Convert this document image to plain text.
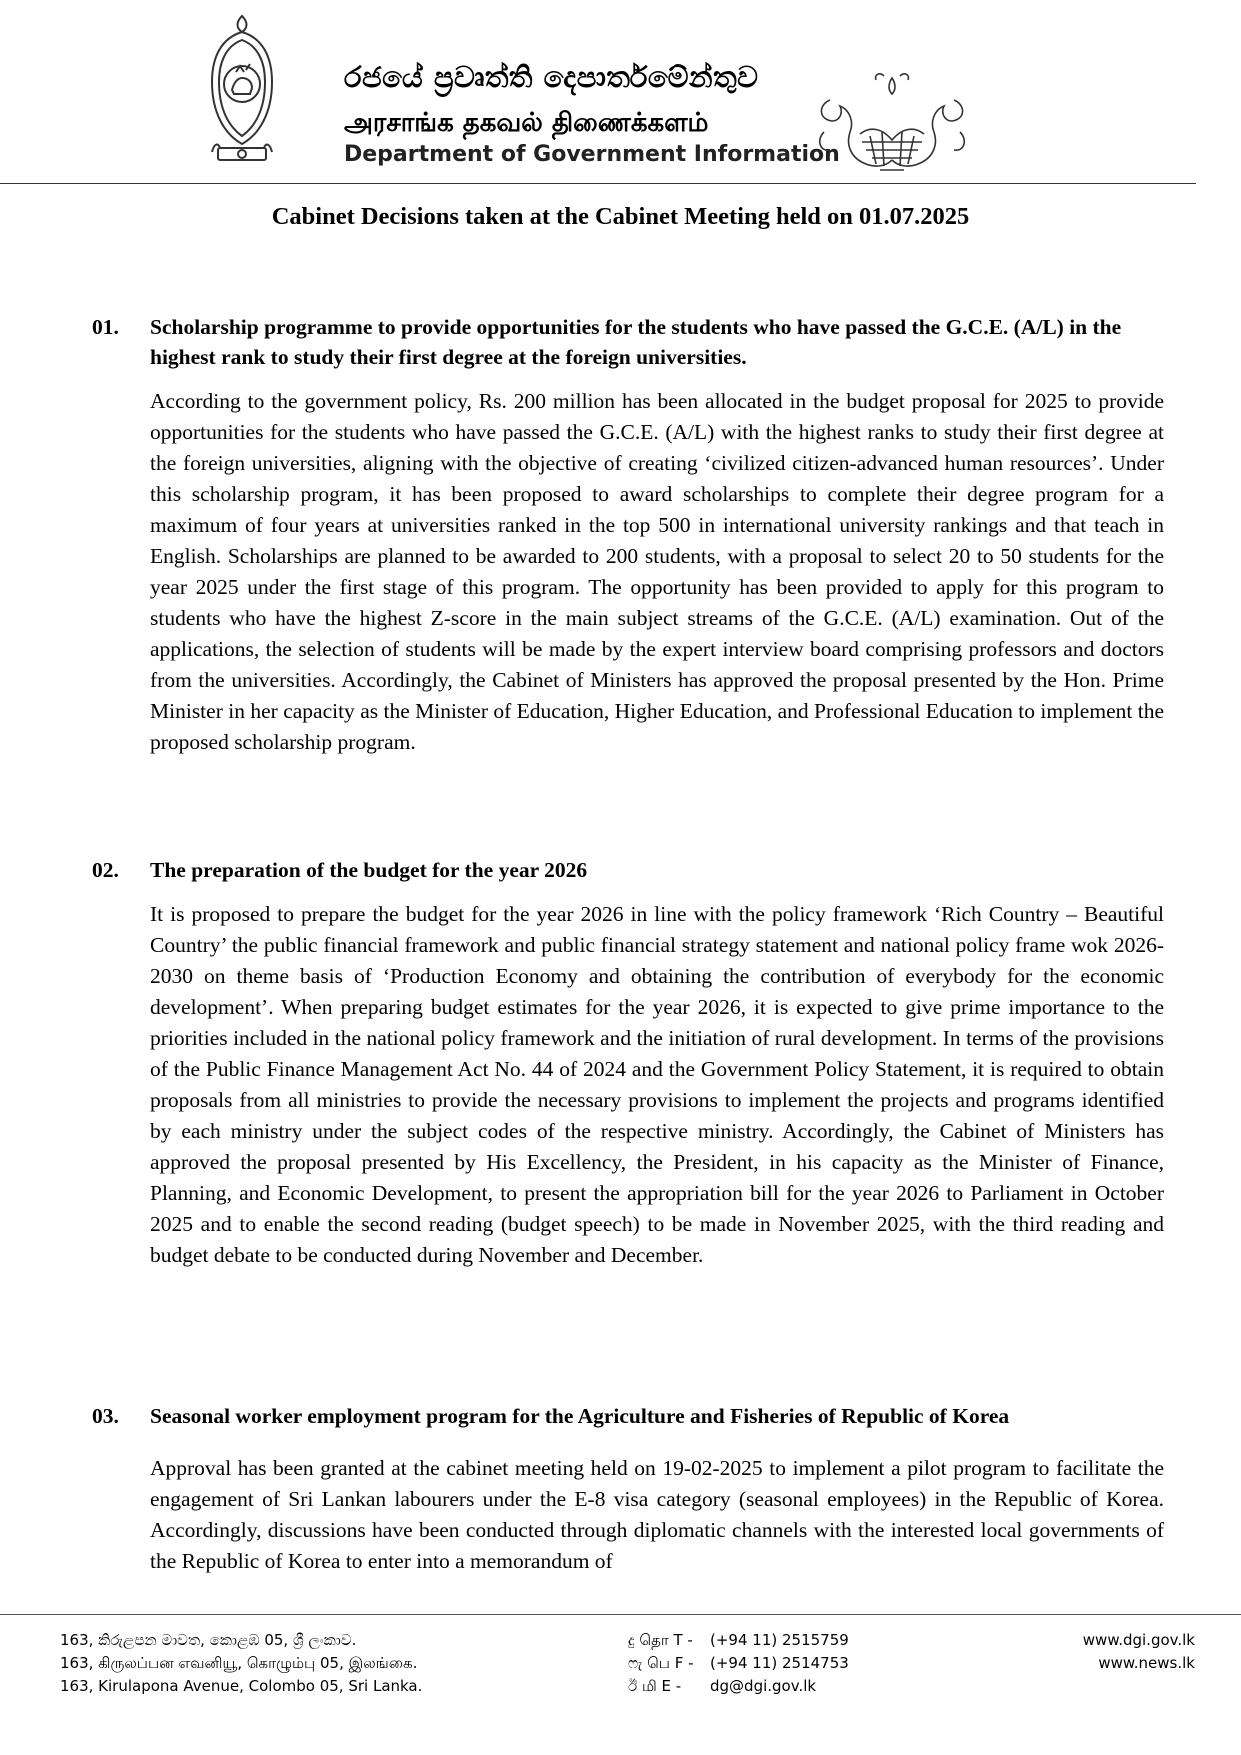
රජයේ ප්‍රවෘත්ති දෙපාර්තමේන්තුව
அரசாங்க தகவல் திணைக்களம்
Department of Government Information
Cabinet Decisions taken at the Cabinet Meeting held on 01.07.2025
01.	Scholarship programme to provide opportunities for the students who have passed the G.C.E. (A/L) in the highest rank to study their first degree at the foreign universities.
According to the government policy, Rs. 200 million has been allocated in the budget proposal for 2025 to provide opportunities for the students who have passed the G.C.E. (A/L) with the highest ranks to study their first degree at the foreign universities, aligning with the objective of creating ‘civilized citizen-advanced human resources’. Under this scholarship program, it has been proposed to award scholarships to complete their degree program for a maximum of four years at universities ranked in the top 500 in international university rankings and that teach in English. Scholarships are planned to be awarded to 200 students, with a proposal to select 20 to 50 students for the year 2025 under the first stage of this program. The opportunity has been provided to apply for this program to students who have the highest Z-score in the main subject streams of the G.C.E. (A/L) examination. Out of the applications, the selection of students will be made by the expert interview board comprising professors and doctors from the universities. Accordingly, the Cabinet of Ministers has approved the proposal presented by the Hon. Prime Minister in her capacity as the Minister of Education, Higher Education, and Professional Education to implement the proposed scholarship program.
02.	The preparation of the budget for the year 2026
It is proposed to prepare the budget for the year 2026 in line with the policy framework ‘Rich Country – Beautiful Country’ the public financial framework and public financial strategy statement and national policy frame wok 2026-2030 on theme basis of ‘Production Economy and obtaining the contribution of everybody for the economic development’. When preparing budget estimates for the year 2026, it is expected to give prime importance to the priorities included in the national policy framework and the initiation of rural development. In terms of the provisions of the Public Finance Management Act No. 44 of 2024 and the Government Policy Statement, it is required to obtain proposals from all ministries to provide the necessary provisions to implement the projects and programs identified by each ministry under the subject codes of the respective ministry. Accordingly, the Cabinet of Ministers has approved the proposal presented by His Excellency, the President, in his capacity as the Minister of Finance, Planning, and Economic Development, to present the appropriation bill for the year 2026 to Parliament in October 2025 and to enable the second reading (budget speech) to be made in November 2025, with the third reading and budget debate to be conducted during November and December.
03.	Seasonal worker employment program for the Agriculture and Fisheries of Republic of Korea
Approval has been granted at the cabinet meeting held on 19-02-2025 to implement a pilot program to facilitate the engagement of Sri Lankan labourers under the E-8 visa category (seasonal employees) in the Republic of Korea. Accordingly, discussions have been conducted through diplomatic channels with the interested local governments of the Republic of Korea to enter into a memorandum of
163, කිරුළපන මාවත, කොළඹ 05, ශ්‍රී ලංකාව.
163, கிருலப்பன எவனியூ, கொழும்பு 05, இலங்கை.
163, Kirulapona Avenue, Colombo 05, Sri Lanka.
දු தொ T -	(+94 11) 2515759
ෆැ பெ F -	(+94 11) 2514753
ඊ மி E -	dg@dgi.gov.lk
www.dgi.gov.lk
www.news.lk
